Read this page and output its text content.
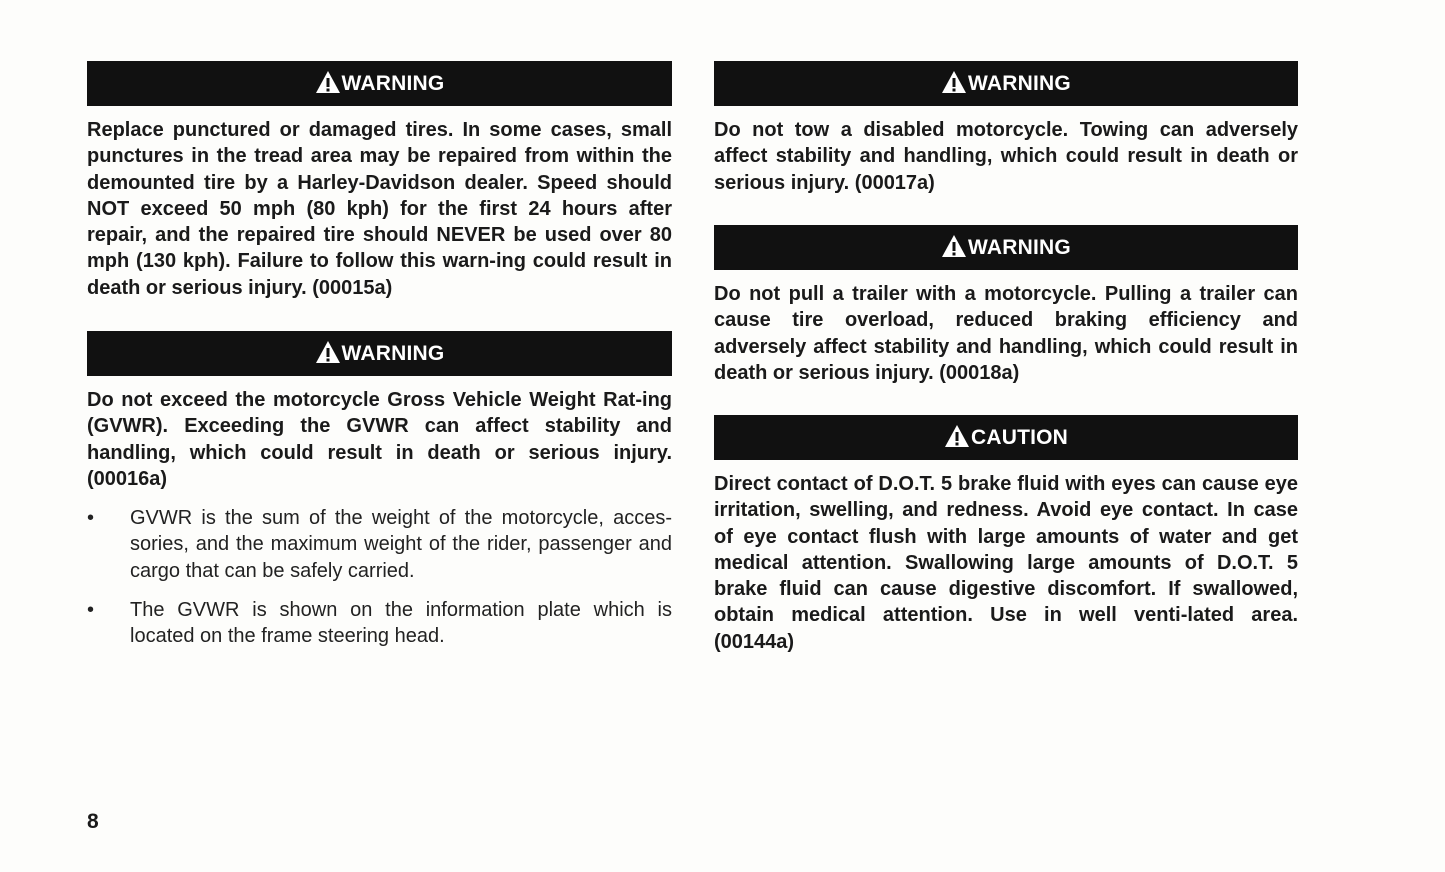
WARNING
Replace punctured or damaged tires. In some cases, small punctures in the tread area may be repaired from within the demounted tire by a Harley-Davidson dealer. Speed should NOT exceed 50 mph (80 kph) for the first 24 hours after repair, and the repaired tire should NEVER be used over 80 mph (130 kph). Failure to follow this warn-ing could result in death or serious injury. (00015a)
WARNING
Do not exceed the motorcycle Gross Vehicle Weight Rat-ing (GVWR). Exceeding the GVWR can affect stability and handling, which could result in death or serious injury. (00016a)
• GVWR is the sum of the weight of the motorcycle, acces-sories, and the maximum weight of the rider, passenger and cargo that can be safely carried.
• The GVWR is shown on the information plate which is located on the frame steering head.
WARNING
Do not tow a disabled motorcycle. Towing can adversely affect stability and handling, which could result in death or serious injury. (00017a)
WARNING
Do not pull a trailer with a motorcycle. Pulling a trailer can cause tire overload, reduced braking efficiency and adversely affect stability and handling, which could result in death or serious injury. (00018a)
CAUTION
Direct contact of D.O.T. 5 brake fluid with eyes can cause eye irritation, swelling, and redness. Avoid eye contact. In case of eye contact flush with large amounts of water and get medical attention. Swallowing large amounts of D.O.T. 5 brake fluid can cause digestive discomfort. If swallowed, obtain medical attention. Use in well venti-lated area. (00144a)
8
